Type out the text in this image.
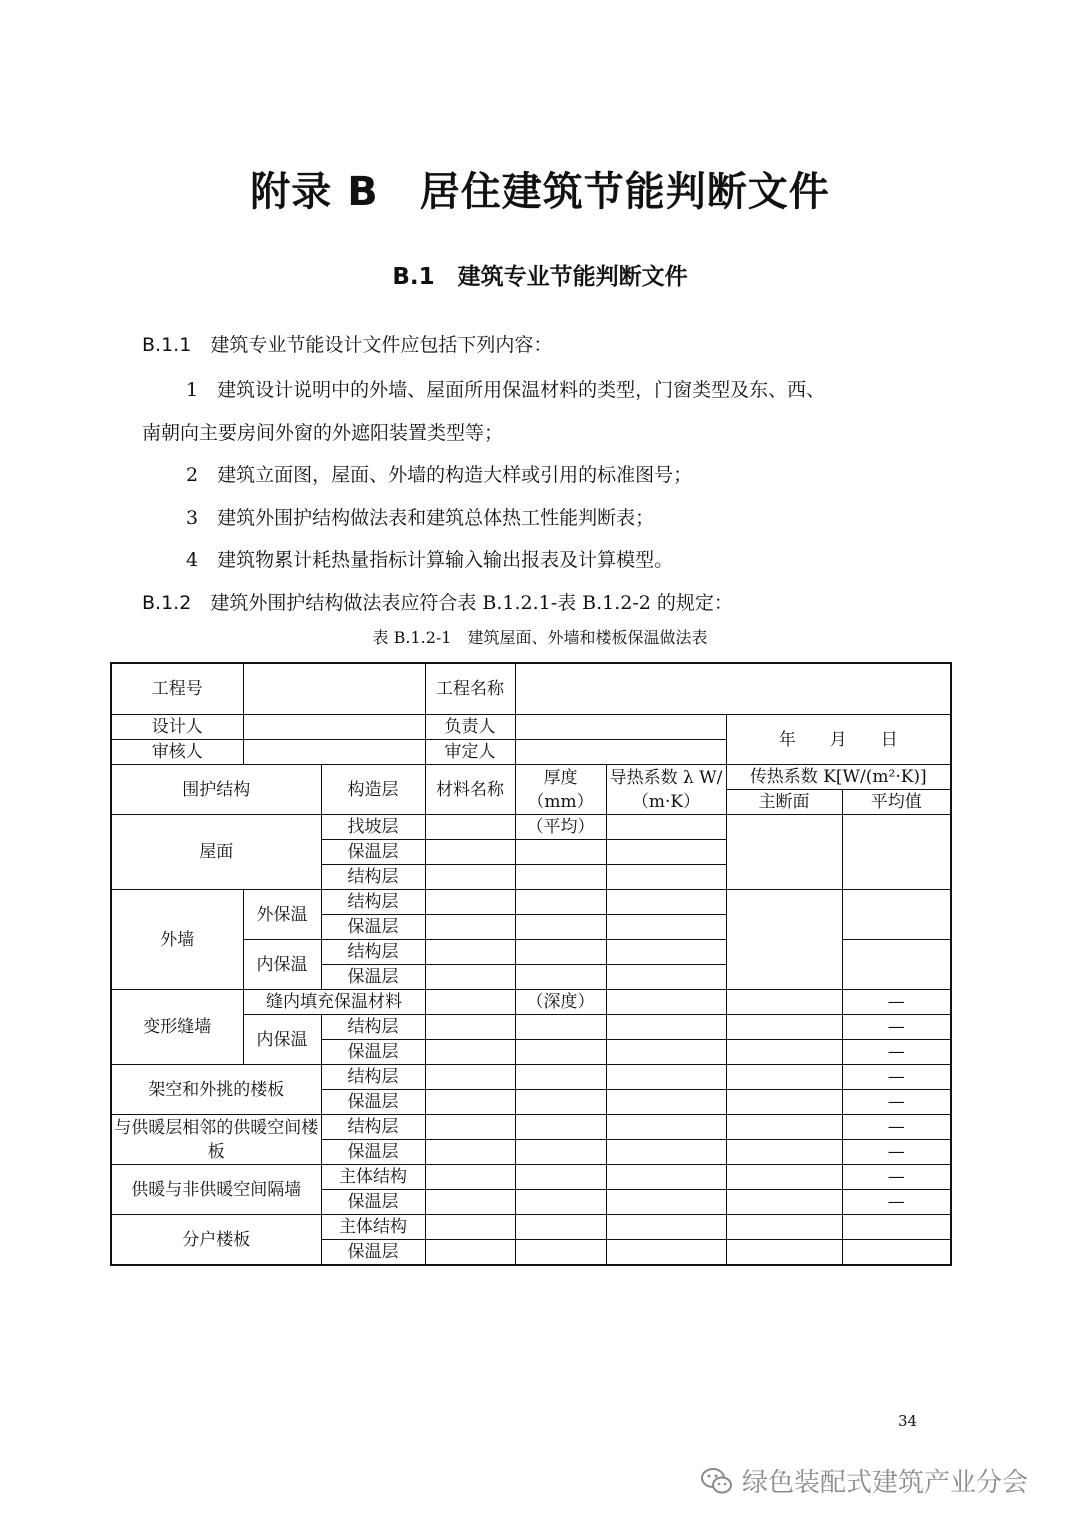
附录 B　居住建筑节能判断文件
B.1　建筑专业节能判断文件
B.1.1　 建筑专业节能设计文件应包括下列内容：
1　建筑设计说明中的外墙、屋面所用保温材料的类型，门窗类型及东、西、
南朝向主要房间外窗的外遮阳装置类型等；
2　建筑立面图，屋面、外墙的构造大样或引用的标准图号；
3　建筑外围护结构做法表和建筑总体热工性能判断表；
4　建筑物累计耗热量指标计算输入输出报表及计算模型。
B.1.2　 建筑外围护结构做法表应符合表 B.1.2.1-表 B.1.2-2 的规定：
表 B.1.2-1　建筑屋面、外墙和楼板保温做法表
工程号			工程名称				
设计人			负责人			年　　月　　日	
审核人			审定人				
围护结构		构造层	材料名称	厚度（mm）	导热系数 λ W/（m·K）	传热系数 K[W/(m²·K)]	
						主断面	平均值
屋面		找坡层		（平均）			
		保温层					
		结构层					
外墙	外保温	结构层					
		保温层					
	内保温	结构层					
		保温层					
变形缝墙	缝内填充保温材料			（深度）			—
	内保温	结构层					—
		保温层					—
架空和外挑的楼板		结构层					—
		保温层					—
与供暖层相邻的供暖空间楼板		结构层					—
		保温层					—
供暖与非供暖空间隔墙		主体结构					—
		保温层					—
分户楼板		主体结构					
		保温层					
34
绿色装配式建筑产业分会
